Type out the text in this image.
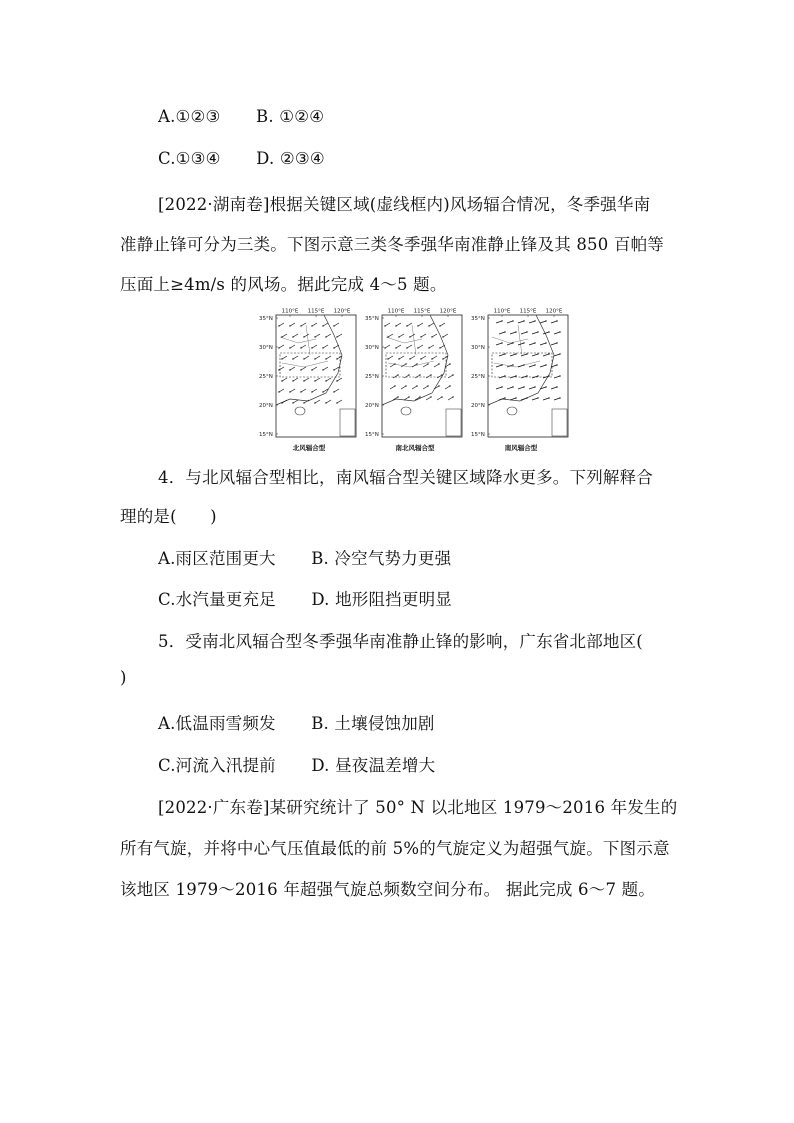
A.①②③ B. ①②④
C.①③④ D. ②③④
[2022·湖南卷]根据关键区域(虚线框内)风场辐合情况，冬季强华南
准静止锋可分为三类。下图示意三类冬季强华南准静止锋及其 850 百帕等
压面上≥4m/s 的风场。据此完成 4～5 题。
110°E 115°E 120°E
35°N
30°N
25°N
20°N
15°N
北风辐合型
110°E 115°E 120°E
35°N
30°N
25°N
20°N
15°N
南北风辐合型
110°E 115°E 120°E
35°N
30°N
25°N
20°N
15°N
南风辐合型
4．与北风辐合型相比，南风辐合型关键区域降水更多。下列解释合
理的是(　　)
A.雨区范围更大 B. 冷空气势力更强
C.水汽量更充足 D. 地形阻挡更明显
5．受南北风辐合型冬季强华南准静止锋的影响，广东省北部地区(
)
A.低温雨雪频发 B. 土壤侵蚀加剧
C.河流入汛提前 D. 昼夜温差增大
[2022·广东卷]某研究统计了 50° N 以北地区 1979～2016 年发生的
所有气旋，并将中心气压值最低的前 5%的气旋定义为超强气旋。下图示意
该地区 1979～2016 年超强气旋总频数空间分布。 据此完成 6～7 题。
